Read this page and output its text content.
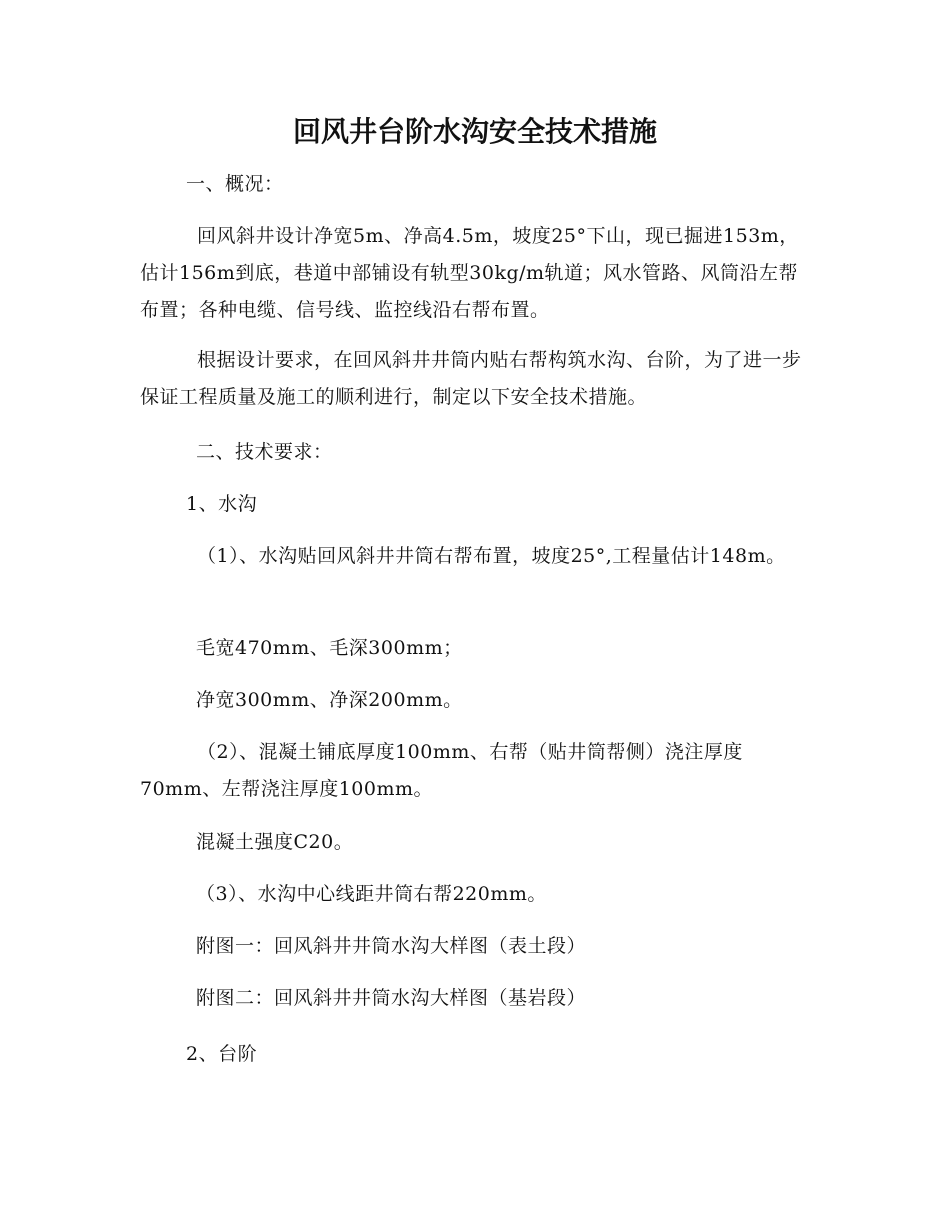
回风井台阶水沟安全技术措施
一、概况：
回风斜井设计净宽5m、净高4.5m，坡度25°下山，现已掘进153m，估计156m到底，巷道中部铺设有轨型30kg/m轨道；风水管路、风筒沿左帮布置；各种电缆、信号线、监控线沿右帮布置。
根据设计要求，在回风斜井井筒内贴右帮构筑水沟、台阶，为了进一步保证工程质量及施工的顺利进行，制定以下安全技术措施。
二、技术要求：
1、水沟
（1）、水沟贴回风斜井井筒右帮布置，坡度25°,工程量估计148m。
毛宽470mm、毛深300mm；
净宽300mm、净深200mm。
（2）、混凝土铺底厚度100mm、右帮（贴井筒帮侧）浇注厚度70mm、左帮浇注厚度100mm。
混凝土强度C20。
（3）、水沟中心线距井筒右帮220mm。
附图一：回风斜井井筒水沟大样图（表土段）
附图二：回风斜井井筒水沟大样图（基岩段）
2、台阶
